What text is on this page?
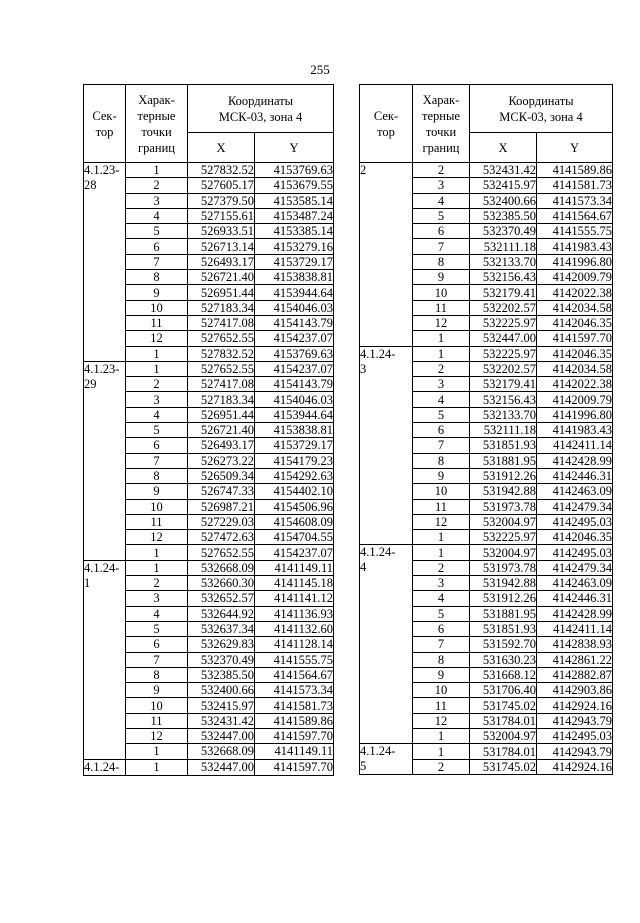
255
Сек-
тор	Харак-
терные
точки
границ	Координаты
МСК-03, зона 4	
		X	Y
4.1.23-
28	1	527832.52	4153769.63
	2	527605.17	4153679.55
	3	527379.50	4153585.14
	4	527155.61	4153487.24
	5	526933.51	4153385.14
	6	526713.14	4153279.16
	7	526493.17	4153729.17
	8	526721.40	4153838.81
	9	526951.44	4153944.64
	10	527183.34	4154046.03
	11	527417.08	4154143.79
	12	527652.55	4154237.07
	1	527832.52	4153769.63
4.1.23-
29	1	527652.55	4154237.07
	2	527417.08	4154143.79
	3	527183.34	4154046.03
	4	526951.44	4153944.64
	5	526721.40	4153838.81
	6	526493.17	4153729.17
	7	526273.22	4154179.23
	8	526509.34	4154292.63
	9	526747.33	4154402.10
	10	526987.21	4154506.96
	11	527229.03	4154608.09
	12	527472.63	4154704.55
	1	527652.55	4154237.07
4.1.24-
1	1	532668.09	4141149.11
	2	532660.30	4141145.18
	3	532652.57	4141141.12
	4	532644.92	4141136.93
	5	532637.34	4141132.60
	6	532629.83	4141128.14
	7	532370.49	4141555.75
	8	532385.50	4141564.67
	9	532400.66	4141573.34
	10	532415.97	4141581.73
	11	532431.42	4141589.86
	12	532447.00	4141597.70
	1	532668.09	4141149.11
4.1.24-	1	532447.00	4141597.70
Сек-
тор	Харак-
терные
точки
границ	Координаты
МСК-03, зона 4	
		X	Y
2	2	532431.42	4141589.86
	3	532415.97	4141581.73
	4	532400.66	4141573.34
	5	532385.50	4141564.67
	6	532370.49	4141555.75
	7	532111.18	4141983.43
	8	532133.70	4141996.80
	9	532156.43	4142009.79
	10	532179.41	4142022.38
	11	532202.57	4142034.58
	12	532225.97	4142046.35
	1	532447.00	4141597.70
4.1.24-
3	1	532225.97	4142046.35
	2	532202.57	4142034.58
	3	532179.41	4142022.38
	4	532156.43	4142009.79
	5	532133.70	4141996.80
	6	532111.18	4141983.43
	7	531851.93	4142411.14
	8	531881.95	4142428.99
	9	531912.26	4142446.31
	10	531942.88	4142463.09
	11	531973.78	4142479.34
	12	532004.97	4142495.03
	1	532225.97	4142046.35
4.1.24-
4	1	532004.97	4142495.03
	2	531973.78	4142479.34
	3	531942.88	4142463.09
	4	531912.26	4142446.31
	5	531881.95	4142428.99
	6	531851.93	4142411.14
	7	531592.70	4142838.93
	8	531630.23	4142861.22
	9	531668.12	4142882.87
	10	531706.40	4142903.86
	11	531745.02	4142924.16
	12	531784.01	4142943.79
	1	532004.97	4142495.03
4.1.24-
5	1	531784.01	4142943.79
	2	531745.02	4142924.16
